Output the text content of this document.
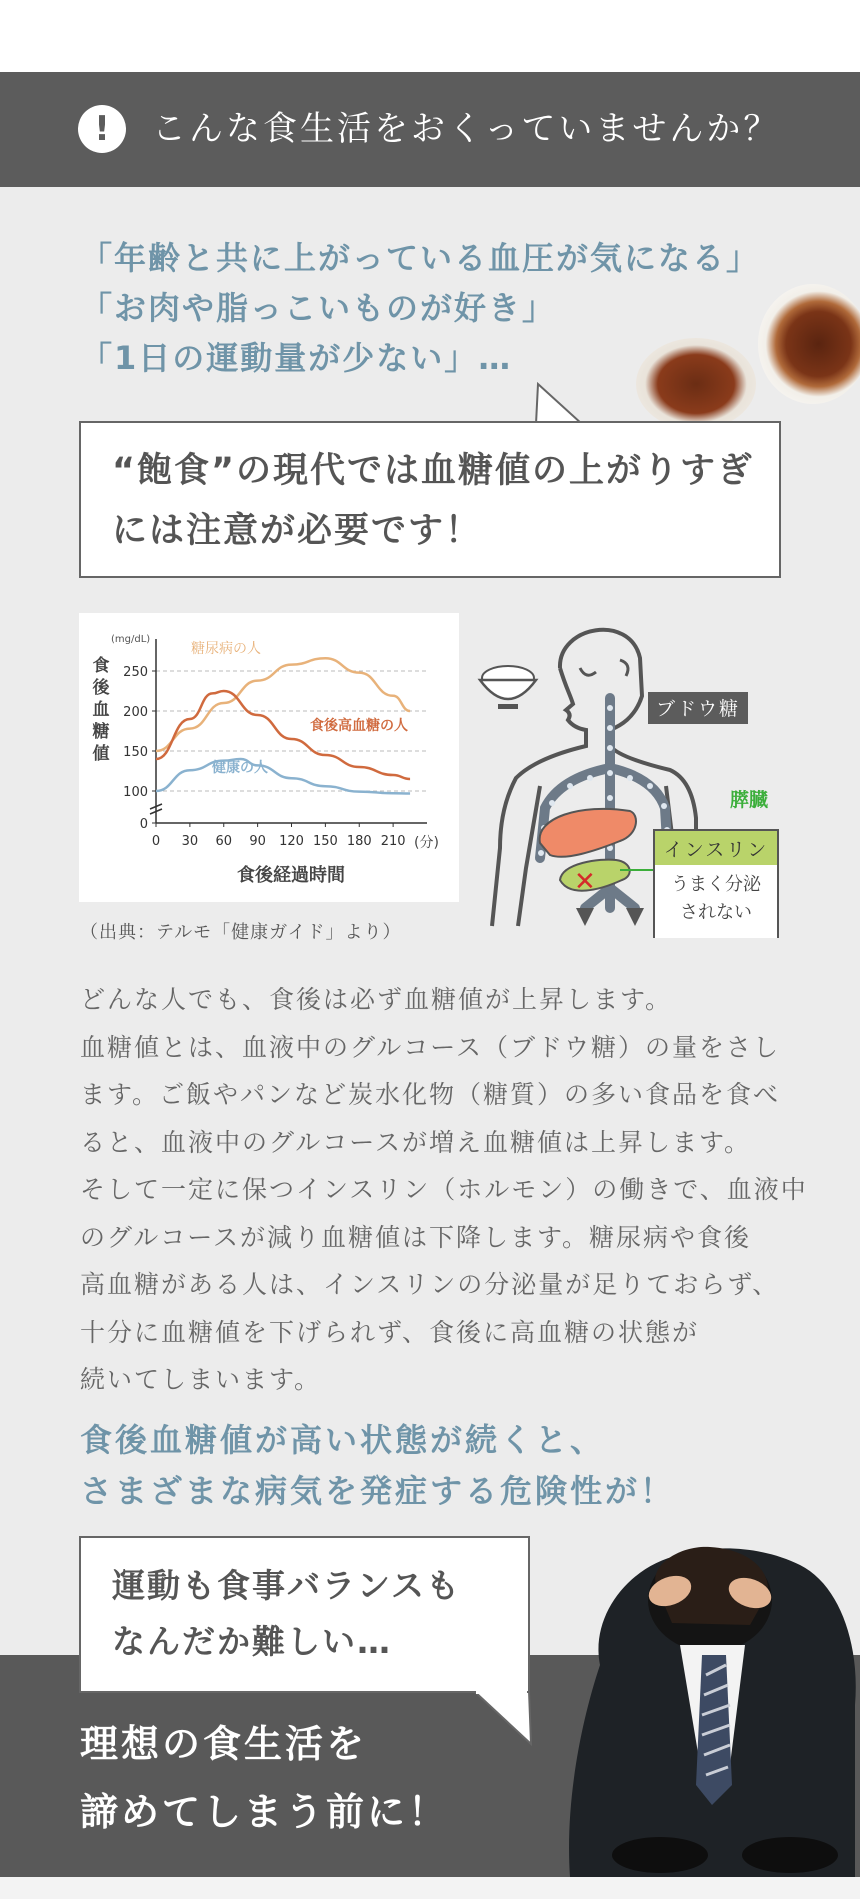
!	こんな食生活をおくっていませんか？
「年齢と共に上がっている血圧が気になる」
「お肉や脂っこいものが好き」
「1日の運動量が少ない」…
“飽食”の現代では血糖値の上がりすぎ
には注意が必要です！
食後血糖値
(mg/dL)
0
100
150
200
250
0 30 60 90 120 150 180 210 (分)
食後経過時間
糖尿病の人
食後高血糖の人
健康の人
（出典：テルモ「健康ガイド」より）
✕
ブドウ糖
膵臓
インスリン
うまく分泌
されない
どんな人でも、食後は必ず血糖値が上昇します。
血糖値とは、血液中のグルコース（ブドウ糖）の量をさし
ます。ご飯やパンなど炭水化物（糖質）の多い食品を食べ
ると、血液中のグルコースが増え血糖値は上昇します。
そして一定に保つインスリン（ホルモン）の働きで、血液中
のグルコースが減り血糖値は下降します。糖尿病や食後
高血糖がある人は、インスリンの分泌量が足りておらず、
十分に血糖値を下げられず、食後に高血糖の状態が
続いてしまいます。
食後血糖値が高い状態が続くと、
さまざまな病気を発症する危険性が！
運動も食事バランスも
なんだか難しい…
理想の食生活を
諦めてしまう前に！
